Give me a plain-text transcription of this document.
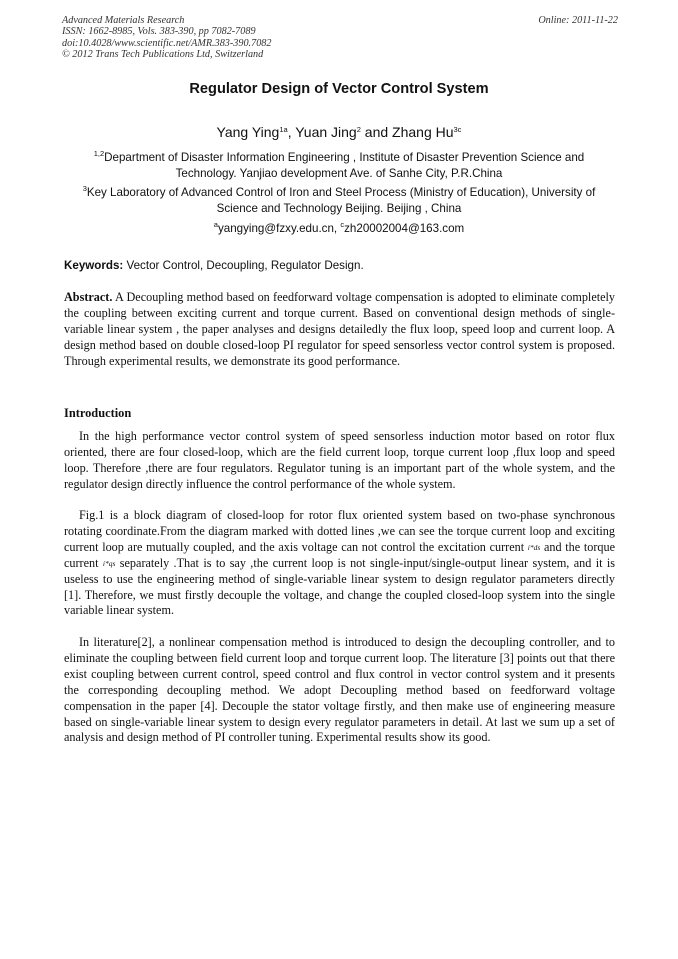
Advanced Materials Research
ISSN: 1662-8985, Vols. 383-390, pp 7082-7089
doi:10.4028/www.scientific.net/AMR.383-390.7082
© 2012 Trans Tech Publications Ltd, Switzerland
Online: 2011-11-22
Regulator Design of Vector Control System
Yang Ying$^{1a}$, Yuan Jing$^2$ and Zhang $Hu^{3c}$
$^{1,2}$Department of Disaster Information Engineering , Institute of Disaster Prevention Science and Technology. Yanjiao development Ave. of Sanhe City, P.R.China
$^3$Key Laboratory of Advanced Control of Iron and Steel Process (Ministry of Education), University of Science and Technology Beijing. Beijing , China
$^a$yangying@fzxy.edu.cn, $^c$zh20002004@163.com
Keywords: Vector Control, Decoupling, Regulator Design.

Abstract. A Decoupling method based on feedforward voltage compensation is adopted to eliminate completely the coupling between exciting current and torque current. Based on conventional design methods of single-variable linear system , the paper analyses and designs detailedly the flux loop, speed loop and current loop. A design method based on double closed-loop PI regulator for speed sensorless vector control system is proposed. Through experimental results, we demonstrate its good performance.

Introduction

In the high performance vector control system of speed sensorless induction motor based on rotor flux oriented, there are four closed-loop, which are the field current loop, torque current loop ,flux loop and speed loop. Therefore ,there are four regulators. Regulator tuning is an important part of the whole system, and the regulator design directly influence the control performance of the whole system.

Fig.1 is a block diagram of closed-loop for rotor flux oriented system based on two-phase synchronous rotating coordinate.From the diagram marked with dotted lines ,we can see the torque current loop and exciting current loop are mutually coupled, and the axis voltage can not control the excitation current i*ds and the torque current i*qs separately .That is to say ,the current loop is not single-input/single-output linear system, and it is useless to use the engineering method of single-variable linear system to design regulator parameters directly [1]. Therefore, we must firstly decouple the voltage, and change the coupled closed-loop system into the single variable linear system.

In literature[2], a nonlinear compensation method is introduced to design the decoupling controller, and to eliminate the coupling between field current loop and torque current loop. The literature [3] points out that there exist coupling between current control, speed control and flux control in vector control system and it presents the corresponding decoupling method. We adopt Decoupling method based on feedforward voltage compensation in the paper [4]. Decouple the stator voltage firstly, and then make use of engineering measure based on single-variable linear system to design every regulator parameters in detail. At last we sum up a set of analysis and design method of PI controller tuning. Experimental results show its good.
